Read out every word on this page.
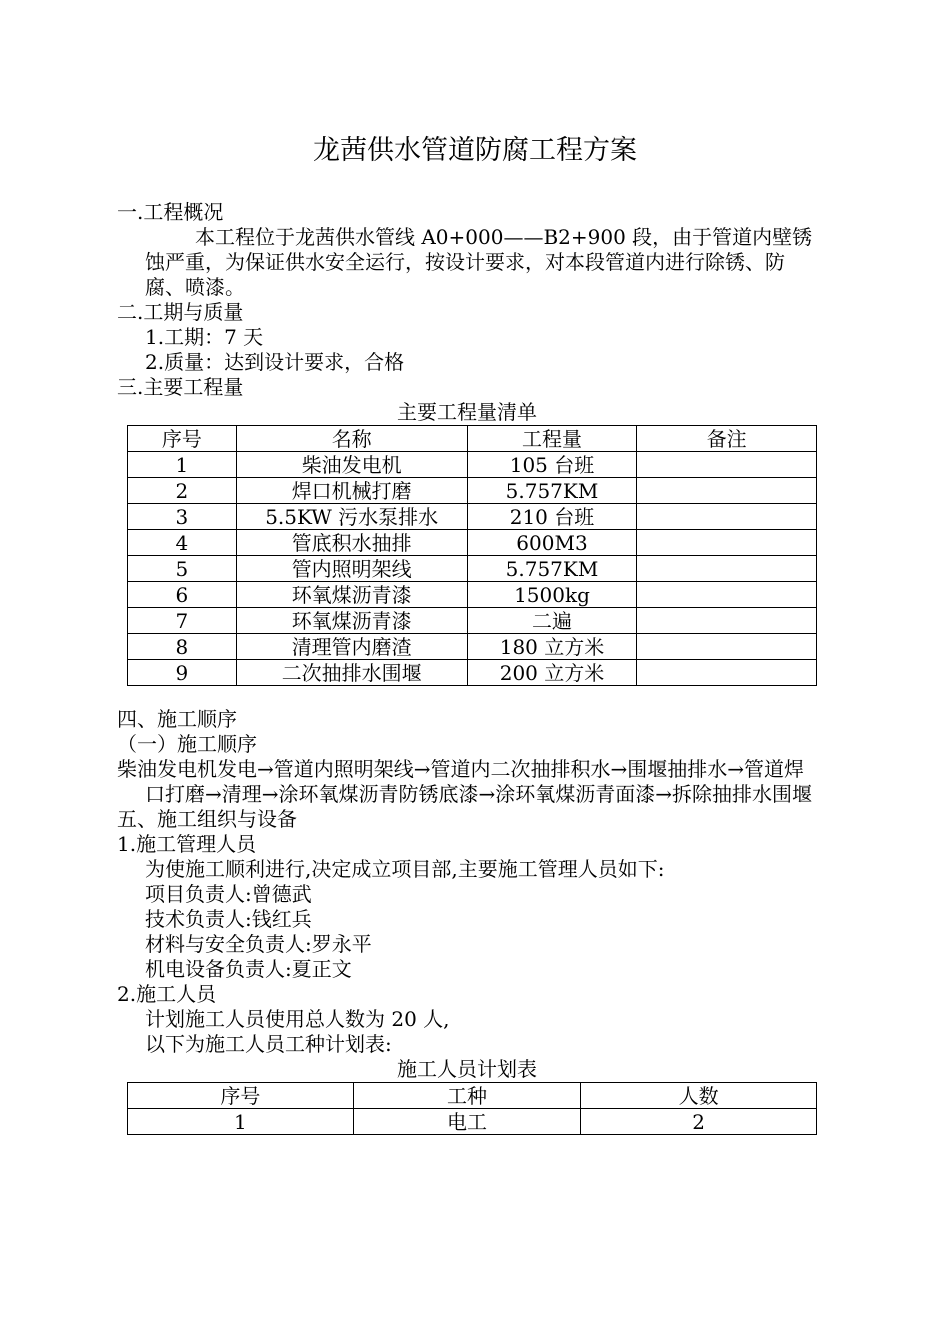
龙茜供水管道防腐工程方案

一.工程概况

本工程位于龙茜供水管线 A0+000——B2+900 段，由于管道内壁锈蚀严重，为保证供水安全运行，按设计要求，对本段管道内进行除锈、防腐、喷漆。

二.工期与质量

1.工期：7 天

2.质量：达到设计要求，合格

三.主要工程量

主要工程量清单

序号	名称	工程量	备注
1	柴油发电机	105 台班	
2	焊口机械打磨	5.757KM	
3	5.5KW 污水泵排水	210 台班	
4	管底积水抽排	600M3	
5	管内照明架线	5.757KM	
6	环氧煤沥青漆	1500kg	
7	环氧煤沥青漆	二遍	
8	清理管内磨渣	180 立方米	
9	二次抽排水围堰	200 立方米	

四、施工顺序

（一）施工顺序

柴油发电机发电→管道内照明架线→管道内二次抽排积水→围堰抽排水→管道焊口打磨→清理→涂环氧煤沥青防锈底漆→涂环氧煤沥青面漆→拆除抽排水围堰

五、施工组织与设备

1.施工管理人员

为使施工顺利进行,决定成立项目部,主要施工管理人员如下:

项目负责人:曾德武

技术负责人:钱红兵

材料与安全负责人:罗永平

机电设备负责人:夏正文

2.施工人员

计划施工人员使用总人数为 20 人,

以下为施工人员工种计划表:

施工人员计划表

序号	工种	人数
1	电工	2
